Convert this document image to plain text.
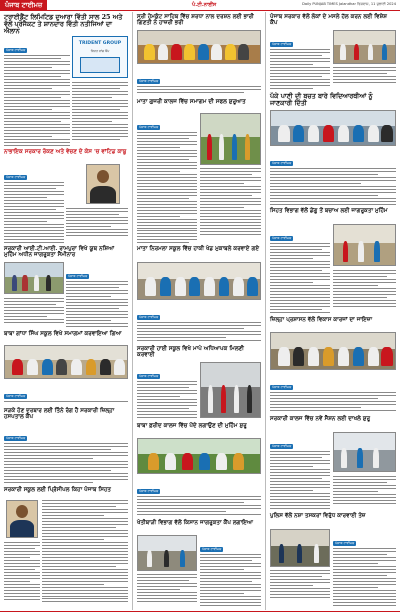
ਪੰਜਾਬ ਟਾਈਮਜ਼	ਪੰ.ਟੀ.ਨਾਈਂਸ	Daily PUNJAB TIMES Jalandhar ਵਿਸ਼ਵਾਸ, 11 ਜੁਲਾਈ 2024
ਟਰਾਈਡੈਂਟ ਲਿਮਿਟਿਡ ਦੁਆਰਾ ਵਿੱਤੀ ਸਾਲ 25 ਅਤੇ ਵੱਲੋਂ ਪ੍ਰੋਜੈਕਟ ਤੇ ਸ਼ਾਨਦਾਰ ਵਿੱਤੀ ਨਤੀਜਿਆਂ ਦਾ ਐਲਾਨ
ਪੰਜਾਬ ਟਾਈਮਜ਼
TRIDENT GROUP
ਸਿਹਤ ਜਾਂਚ ਕੈਂਪ
ਨਾਭਾਇਕ ਸਰਕਾਰ ਰੋਕਣ ਅਤੇ ਵੇਚਣ ਦੇ ਕੇਸ 'ਚ ਵਾਂਟਿਡ ਕਾਬੂ
ਪੰਜਾਬ ਟਾਈਮਜ਼
ਸਰਕਾਰੀ ਆਈ.ਟੀ.ਆਈ. ਰਾਮਪੁਰਾ ਵਿਖੇ ਯੂਥ ਨਸ਼ਿਆਂ ਮੁਹਿੰਮ ਅਧੀਨ ਜਾਗਰੂਕਤਾ ਸੈਮੀਨਾਰ
ਪੰਜਾਬ ਟਾਈਮਜ਼
ਬਾਬਾ ਗਾਂਧਾ ਸਿੰਘ ਸਕੂਲ ਵਿਖੇ ਸਮਾਗਮਾਂ ਕਰਵਾਇਆ ਗਿਆ
ਪੰਜਾਬ ਟਾਈਮਜ਼
ਸੜਕੇ ਹੋਣ ਦਰਬਾਰ ਲਈ ਤਿੰਨੇ ਰੰਗ ਹੈ ਸਰਕਾਰੀ ਜ਼ਿਲ੍ਹਾ ਹਸਪਤਾਲ ਕੈਂਪ
ਪੰਜਾਬ ਟਾਈਮਜ਼
ਸਰਕਾਰੀ ਸਕੂਲ ਲਈ ਪ੍ਰਿੰਸੀਪਲ ਕਿਹਾ ਪੰਜਾਬ ਸਿਹਤ
ਸ੍ਰੀ ਹੇਮਕੁੰਟ ਸਾਹਿਬ ਵਿੱਚ ਸ਼ਰਧਾ ਨਾਲ ਦਰਸ਼ਨ ਲਈ ਭਾਰੀ ਗਿਣਤੀ ਨੇ ਹਾਜ਼ਰੀ ਭਰੀ
ਪੰਜਾਬ ਟਾਈਮਜ਼
ਮਾਤਾ ਗੁਜਰੀ ਕਾਲਜ ਵਿੱਚ ਸਮਾਗਮ ਦੀ ਸਫਲ ਸ਼ੁਰੂਆਤ
ਪੰਜਾਬ ਟਾਈਮਜ਼
ਮਾਤਾ ਨਿਰਮਲਾ ਸਕੂਲ ਵਿੱਚ ਹਾਕੀ ਖੇਡ ਮੁਕਾਬਲੇ ਕਰਵਾਏ ਗਏ
ਪੰਜਾਬ ਟਾਈਮਜ਼
ਸਰਕਾਰੀ ਹਾਈ ਸਕੂਲ ਵਿਖੇ ਮਾਪੇ ਅਧਿਆਪਕ ਮਿਲਣੀ ਕਰਵਾਈ
ਪੰਜਾਬ ਟਾਈਮਜ਼
ਬਾਬਾ ਫ਼ਰੀਦ ਕਾਲਜ ਵਿੱਚ ਪੌਦੇ ਲਗਾਉਣ ਦੀ ਮੁਹਿੰਮ ਸ਼ੁਰੂ
ਪੰਜਾਬ ਟਾਈਮਜ਼
ਖੇਤੀਬਾੜੀ ਵਿਭਾਗ ਵੱਲੋਂ ਕਿਸਾਨ ਜਾਗਰੂਕਤਾ ਕੈਂਪ ਲਗਾਇਆ
ਪੰਜਾਬ ਟਾਈਮਜ਼
ਪੰਜਾਬ ਸਰਕਾਰ ਵੱਲੋਂ ਲੋਕਾਂ ਦੇ ਮਸਲੇ ਹੱਲ ਕਰਨ ਲਈ ਵਿਸ਼ੇਸ਼ ਕੈਂਪ
ਪੰਜਾਬ ਟਾਈਮਜ਼
ਪੱਕੇ ਪਾਣੀ ਦੀ ਬਚਤ ਬਾਰੇ ਵਿਦਿਆਰਥੀਆਂ ਨੂੰ ਜਾਣਕਾਰੀ ਦਿੱਤੀ
ਪੰਜਾਬ ਟਾਈਮਜ਼
ਸਿਹਤ ਵਿਭਾਗ ਵੱਲੋਂ ਡੇਂਗੂ ਤੋਂ ਬਚਾਅ ਲਈ ਜਾਗਰੂਕਤਾ ਮੁਹਿੰਮ
ਪੰਜਾਬ ਟਾਈਮਜ਼
ਜ਼ਿਲ੍ਹਾ ਪ੍ਰਸ਼ਾਸਨ ਵੱਲੋਂ ਵਿਕਾਸ ਕਾਰਜਾਂ ਦਾ ਜਾਇਜ਼ਾ
ਪੰਜਾਬ ਟਾਈਮਜ਼
ਸਰਕਾਰੀ ਕਾਲਜ ਵਿੱਚ ਨਵੇਂ ਸੈਸ਼ਨ ਲਈ ਦਾਖਲੇ ਸ਼ੁਰੂ
ਪੰਜਾਬ ਟਾਈਮਜ਼
ਪੁਲਿਸ ਵੱਲੋਂ ਨਸ਼ਾ ਤਸਕਰਾਂ ਵਿਰੁੱਧ ਕਾਰਵਾਈ ਤੇਜ਼
ਪੰਜਾਬ ਟਾਈਮਜ਼
